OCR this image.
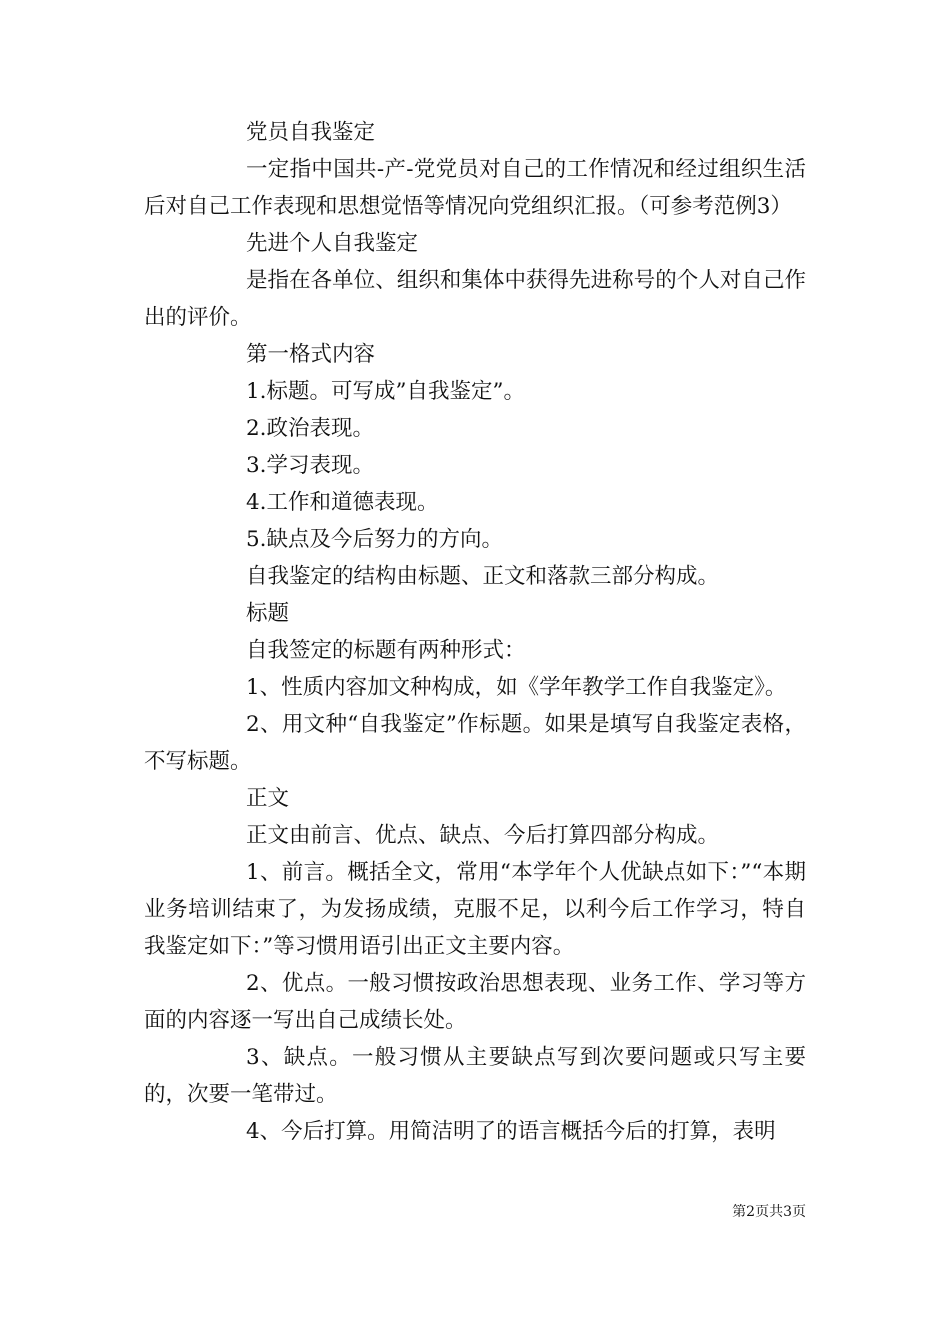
党员自我鉴定

一定指中国共-产-党党员对自己的工作情况和经过组织生活后对自己工作表现和思想觉悟等情况向党组织汇报。（可参考范例3）

先进个人自我鉴定

是指在各单位、组织和集体中获得先进称号的个人对自己作出的评价。

第一格式内容

1.标题。可写成”自我鉴定”。

2.政治表现。

3.学习表现。

4.工作和道德表现。

5.缺点及今后努力的方向。

自我鉴定的结构由标题、正文和落款三部分构成。

标题

自我签定的标题有两种形式：

1、性质内容加文种构成，如《学年教学工作自我鉴定》。

2、用文种“自我鉴定”作标题。如果是填写自我鉴定表格，不写标题。

正文

正文由前言、优点、缺点、今后打算四部分构成。

1、前言。概括全文，常用“本学年个人优缺点如下：”“本期业务培训结束了，为发扬成绩，克服不足，以利今后工作学习，特自我鉴定如下：”等习惯用语引出正文主要内容。

2、优点。一般习惯按政治思想表现、业务工作、学习等方面的内容逐一写出自己成绩长处。

3、缺点。一般习惯从主要缺点写到次要问题或只写主要的，次要一笔带过。

4、今后打算。用简洁明了的语言概括今后的打算，表明

第2页共3页
